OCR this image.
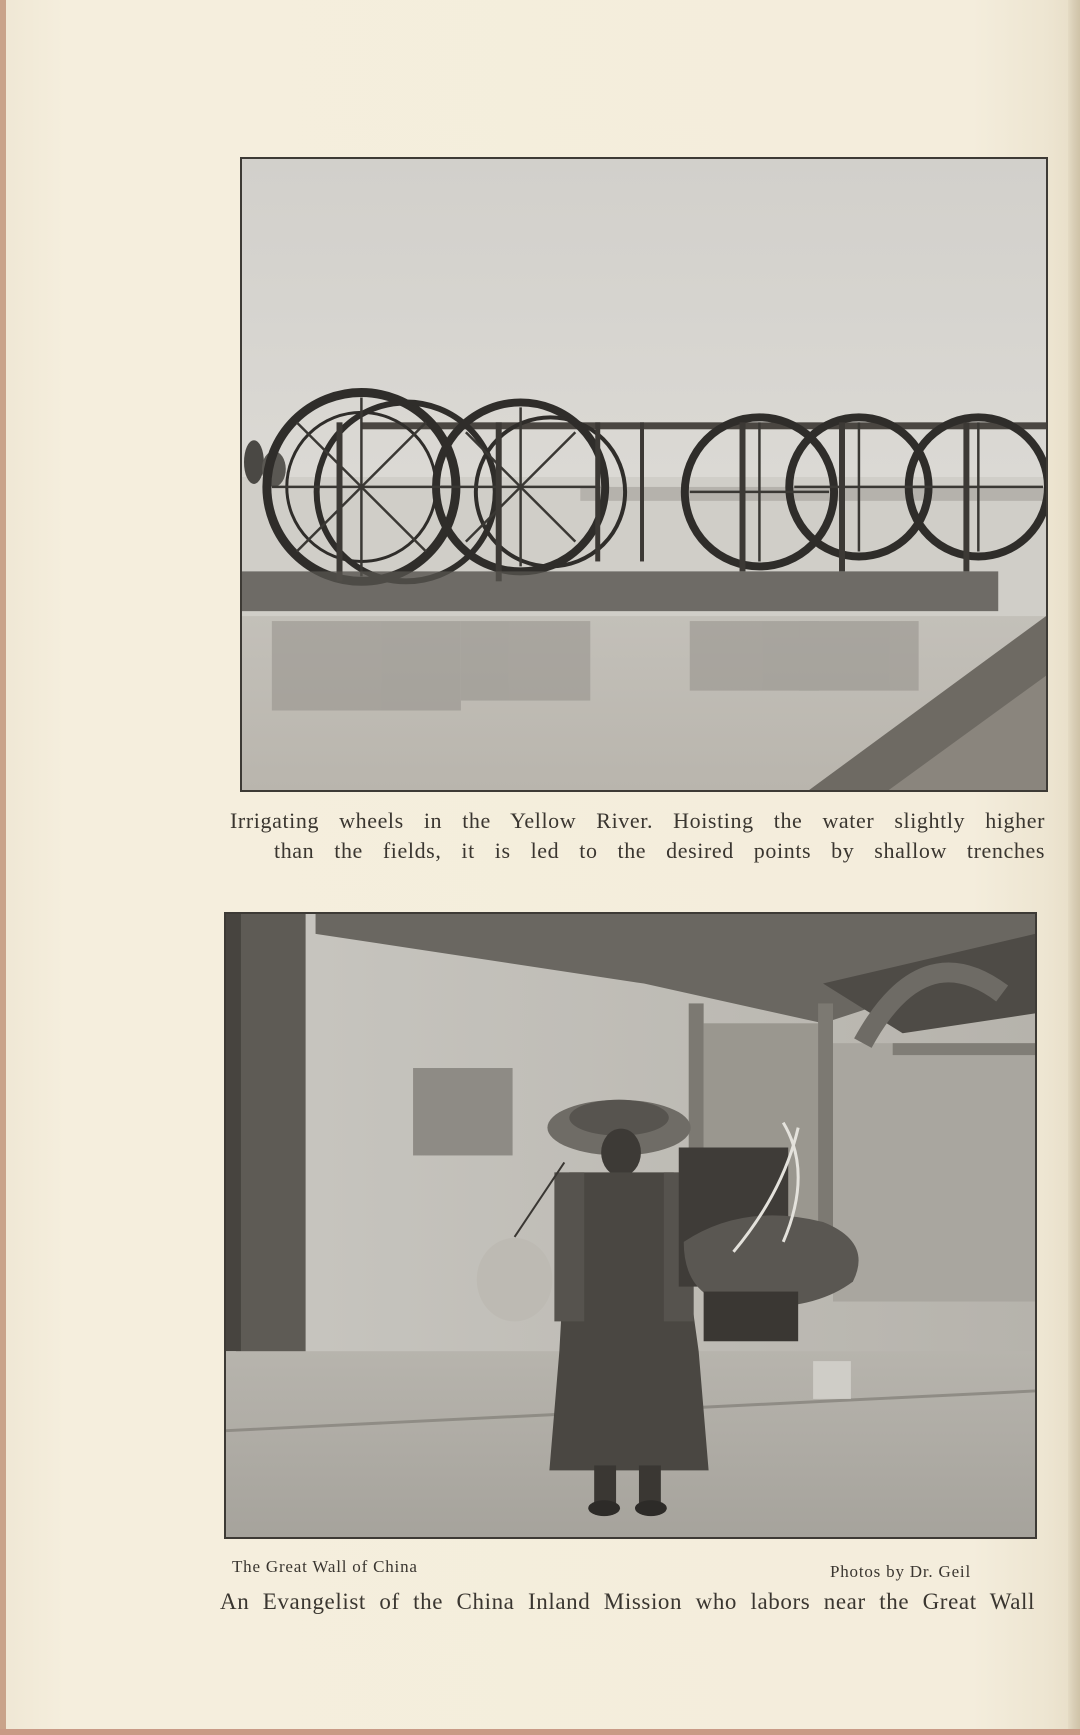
Irrigating wheels in the Yellow River. Hoisting the water slightly higher
than the fields, it is led to the desired points by shallow trenches
The Great Wall of China	Photos by Dr. Geil
An Evangelist of the China Inland Mission who labors near the Great Wall
